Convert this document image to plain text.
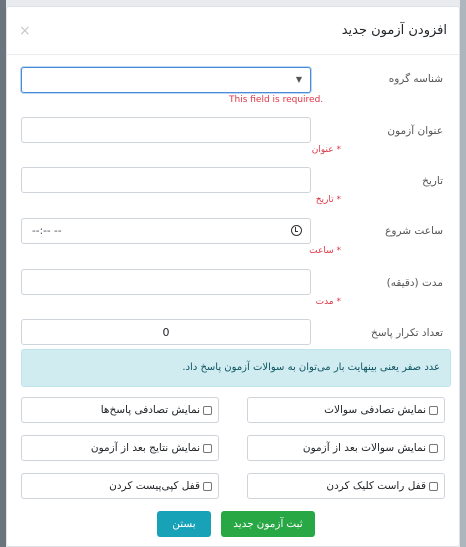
افزودن آزمون جدید
×
شناسه گروه
▼
This field is required.
عنوان آزمون
* عنوان
تاریخ
* تاریخ
ساعت شروع
--:-- --
* ساعت
مدت (دقیقه)
* مدت
تعداد تکرار پاسخ
0
عدد صفر یعنی بینهایت بار می‌توان به سوالات آزمون پاسخ داد.
نمایش تصادفی سوالات
نمایش تصادفی پاسخ‌ها
نمایش سوالات بعد از آزمون
نمایش نتایج بعد از آزمون
قفل راست کلیک کردن
قفل کپی‌پیست کردن
ثبت آزمون جدید
بستن
